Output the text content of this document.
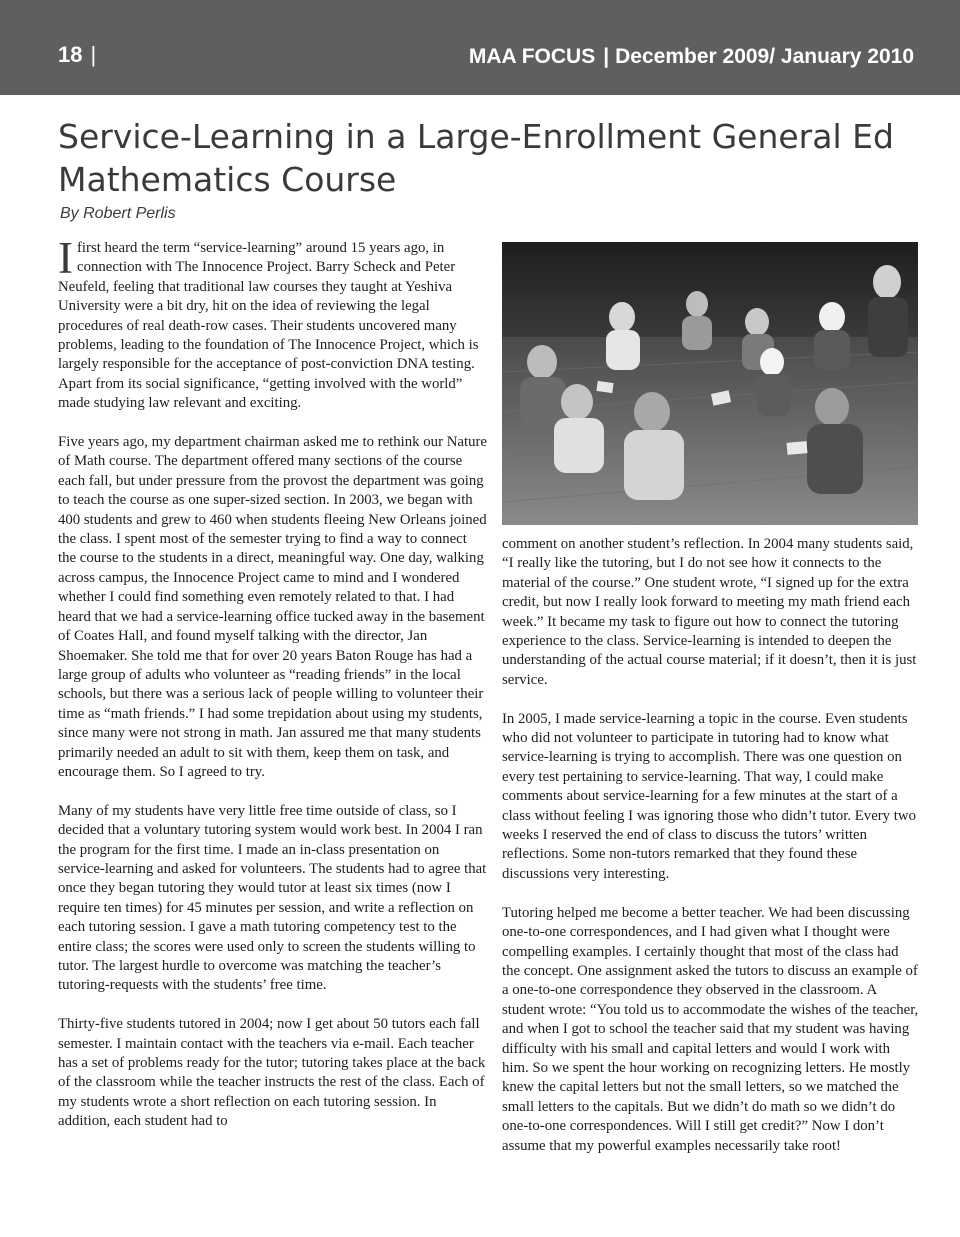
18 |	MAA FOCUS | December 2009/ January 2010
Service-Learning in a Large-Enrollment General Ed Mathematics Course
By Robert Perlis

Ifirst heard the term “service-learning” around 15 years ago, in connection with The Innocence Project. Barry Scheck and Peter Neufeld, feeling that traditional law courses they taught at Yeshiva University were a bit dry, hit on the idea of reviewing the legal procedures of real death-row cases. Their students uncovered many problems, leading to the foundation of The Innocence Project, which is largely responsible for the acceptance of post-conviction DNA testing. Apart from its social significance, “getting involved with the world” made studying law relevant and exciting.

Five years ago, my department chairman asked me to rethink our Nature of Math course. The department offered many sections of the course each fall, but under pressure from the provost the department was going to teach the course as one super-sized section. In 2003, we began with 400 students and grew to 460 when students fleeing New Orleans joined the class. I spent most of the semester trying to find a way to connect the course to the students in a direct, meaningful way. One day, walking across campus, the Innocence Project came to mind and I wondered whether I could find something even remotely related to that. I had heard that we had a service-learning office tucked away in the basement of Coates Hall, and found myself talking with the director, Jan Shoemaker. She told me that for over 20 years Baton Rouge has had a large group of adults who volunteer as “reading friends” in the local schools, but there was a serious lack of people willing to volunteer their time as “math friends.” I had some trepidation about using my students, since many were not strong in math. Jan assured me that many students primarily needed an adult to sit with them, keep them on task, and encourage them. So I agreed to try.

Many of my students have very little free time outside of class, so I decided that a voluntary tutoring system would work best. In 2004 I ran the program for the first time. I made an in-class presentation on service-learning and asked for volunteers. The students had to agree that once they began tutoring they would tutor at least six times (now I require ten times) for 45 minutes per session, and write a reflection on each tutoring session. I gave a math tutoring competency test to the entire class; the scores were used only to screen the students willing to tutor. The largest hurdle to overcome was matching the teacher’s tutoring-requests with the students’ free time.

Thirty-five students tutored in 2004; now I get about 50 tutors each fall semester. I maintain contact with the teachers via e-mail. Each teacher has a set of problems ready for the tutor; tutoring takes place at the back of the classroom while the teacher instructs the rest of the class. Each of my students wrote a short reflection on each tutoring session. In addition, each student had to

comment on another student’s reflection. In 2004 many students said, “I really like the tutoring, but I do not see how it connects to the material of the course.” One student wrote, “I signed up for the extra credit, but now I really look forward to meeting my math friend each week.” It became my task to figure out how to connect the tutoring experience to the class. Service-learning is intended to deepen the understanding of the actual course material; if it doesn’t, then it is just service.

In 2005, I made service-learning a topic in the course. Even students who did not volunteer to participate in tutoring had to know what service-learning is trying to accomplish. There was one question on every test pertaining to service-learning. That way, I could make comments about service-learning for a few minutes at the start of a class without feeling I was ignoring those who didn’t tutor. Every two weeks I reserved the end of class to discuss the tutors’ written reflections. Some non-tutors remarked that they found these discussions very interesting.

Tutoring helped me become a better teacher. We had been discussing one-to-one correspondences, and I had given what I thought were compelling examples. I certainly thought that most of the class had the concept. One assignment asked the tutors to discuss an example of a one-to-one correspondence they observed in the classroom. A student wrote: “You told us to accommodate the wishes of the teacher, and when I got to school the teacher said that my student was having difficulty with his small and capital letters and would I work with him. So we spent the hour working on recognizing letters. He mostly knew the capital letters but not the small letters, so we matched the small letters to the capitals. But we didn’t do math so we didn’t do one-to-one correspondences. Will I still get credit?” Now I don’t assume that my powerful examples necessarily take root!
